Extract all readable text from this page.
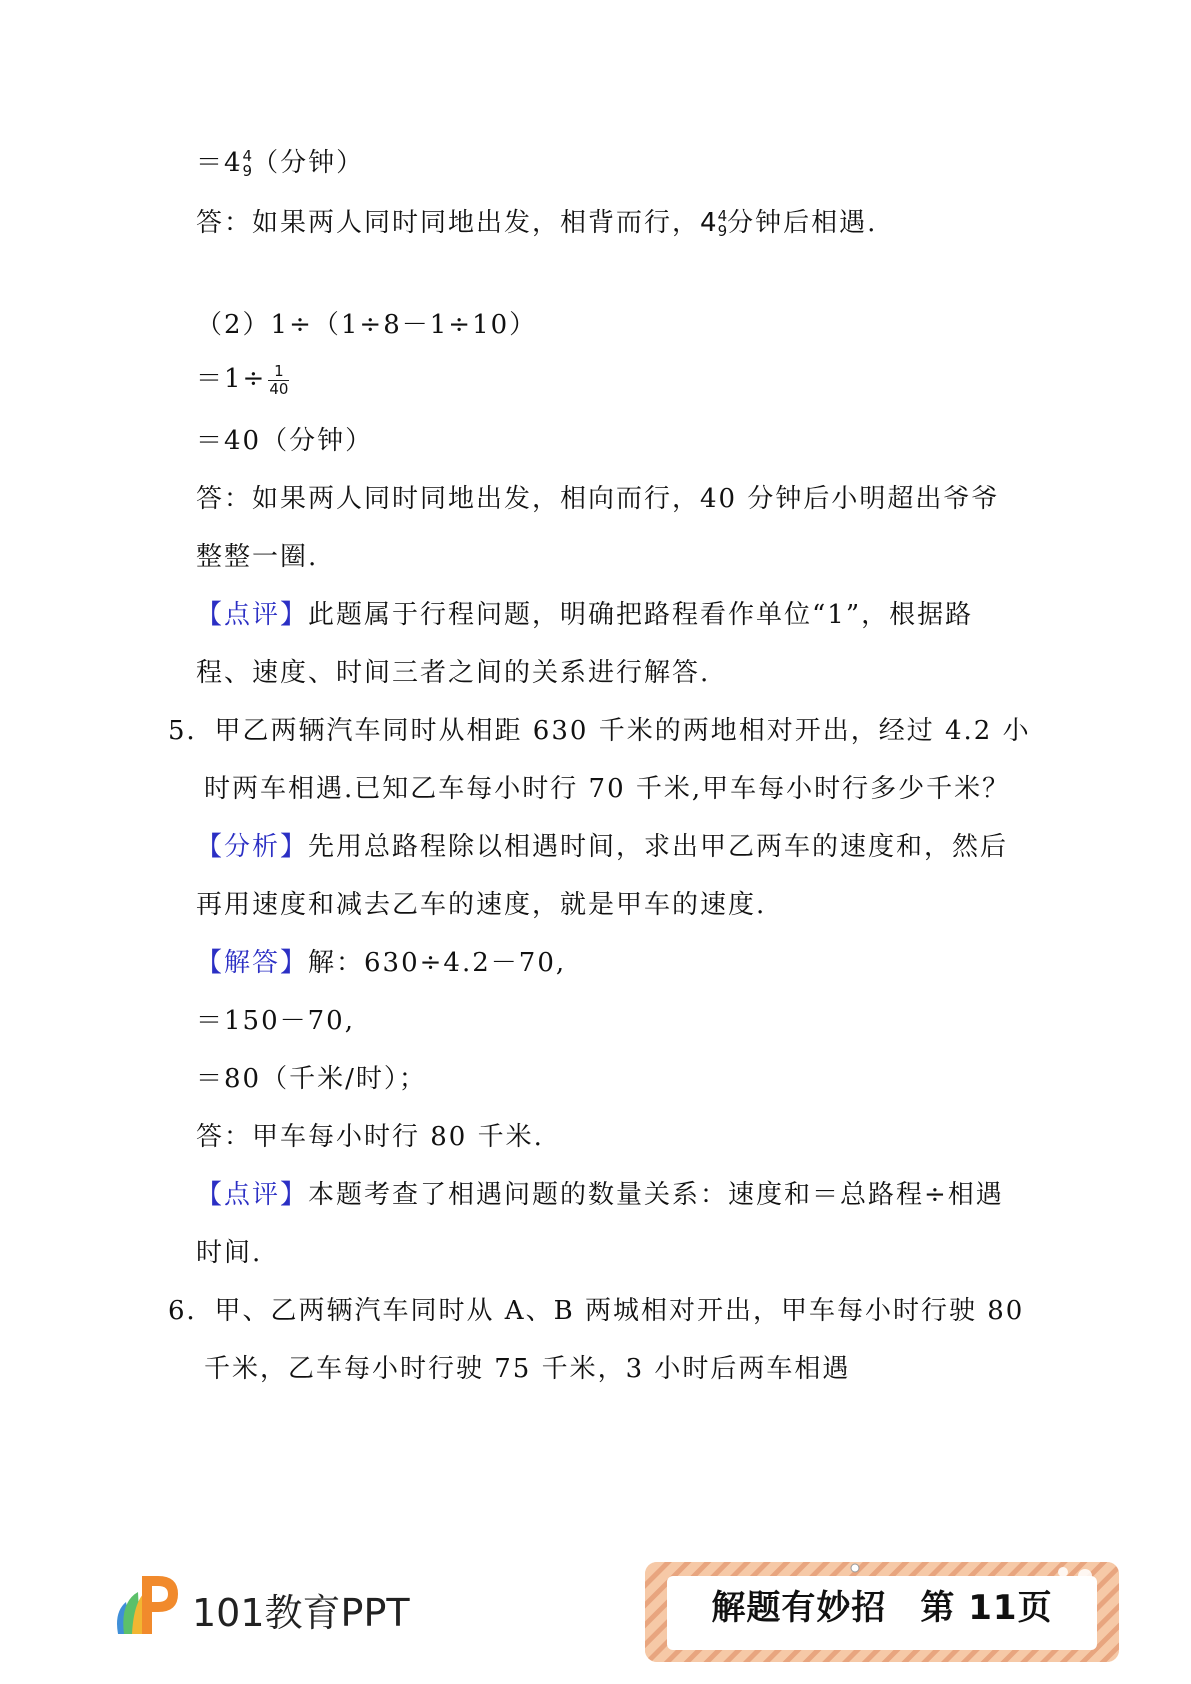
＝4 4
9 （分钟）
答：如果两人同时同地出发，相背而行，4 4
9 分钟后相遇.
（2）1÷（1÷8－1÷10）
$=1\div \frac{1}{40}$
＝40（分钟）
答：如果两人同时同地出发，相向而行，40 分钟后小明超出爷爷
整整一圈.
【点评】此题属于行程问题，明确把路程看作单位“1”，根据路
程、速度、时间三者之间的关系进行解答.
5．甲乙两辆汽车同时从相距 630 千米的两地相对开出，经过 4.2 小
时两车相遇.已知乙车每小时行 70 千米,甲车每小时行多少千米？
【分析】先用总路程除以相遇时间，求出甲乙两车的速度和，然后
再用速度和减去乙车的速度，就是甲车的速度.
【解答】解：630÷4.2－70,
＝150－70,
＝80（千米/时）；
答：甲车每小时行 80 千米.
【点评】本题考查了相遇问题的数量关系：速度和＝总路程÷相遇
时间.
6．甲、乙两辆汽车同时从 A、B 两城相对开出，甲车每小时行驶 80
千米，乙车每小时行驶 75 千米，3 小时后两车相遇
101教育PPT	解题有妙招 第 11页
